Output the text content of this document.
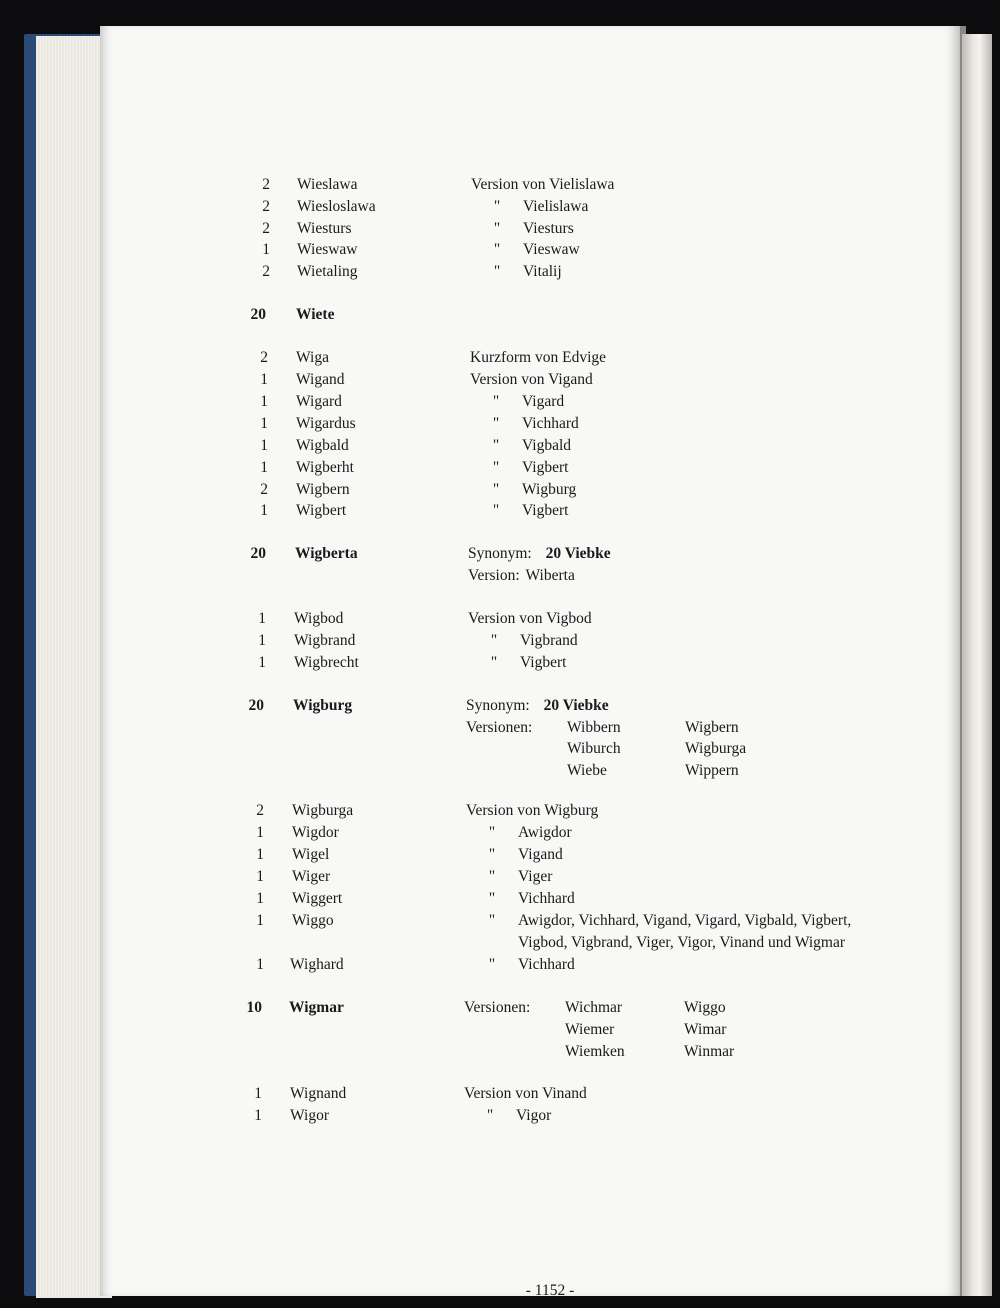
2 Wieslawa	Version von Vielislawa
2 Wiesloslawa	" Vielislawa
2 Wiesturs	" Viesturs
1 Wieswaw	" Vieswaw
2 Wietaling	" Vitalij
20 Wiete
2 Wiga	Kurzform von Edvige
1 Wigand	Version von Vigand
1 Wigard	" Vigard
1 Wigardus	" Vichhard
1 Wigbald	" Vigbald
1 Wigberht	" Vigbert
2 Wigbern	" Wigburg
1 Wigbert	" Vigbert
20 Wigberta	Synonym: 20 Viebke
Version: Wiberta
1 Wigbod	Version von Vigbod
1 Wigbrand	" Vigbrand
1 Wigbrecht	" Vigbert
20 Wigburg	Synonym: 20 Viebke
Versionen: Wibbern	Wigbern
Wiburch	Wigburga
Wiebe	Wippern
2 Wigburga	Version von Wigburg
1 Wigdor	" Awigdor
1 Wigel	" Vigand
1 Wiger	" Viger
1 Wiggert	" Vichhard
1 Wiggo	" Awigdor, Vichhard, Vigand, Vigard, Vigbald, Vigbert,
Vigbod, Vigbrand, Viger, Vigor, Vinand und Wigmar
1 Wighard	" Vichhard
10 Wigmar	Versionen: Wichmar	Wiggo
Wiemer	Wimar
Wiemken	Winmar
1 Wignand	Version von Vinand
1 Wigor	" Vigor
- 1152 -
